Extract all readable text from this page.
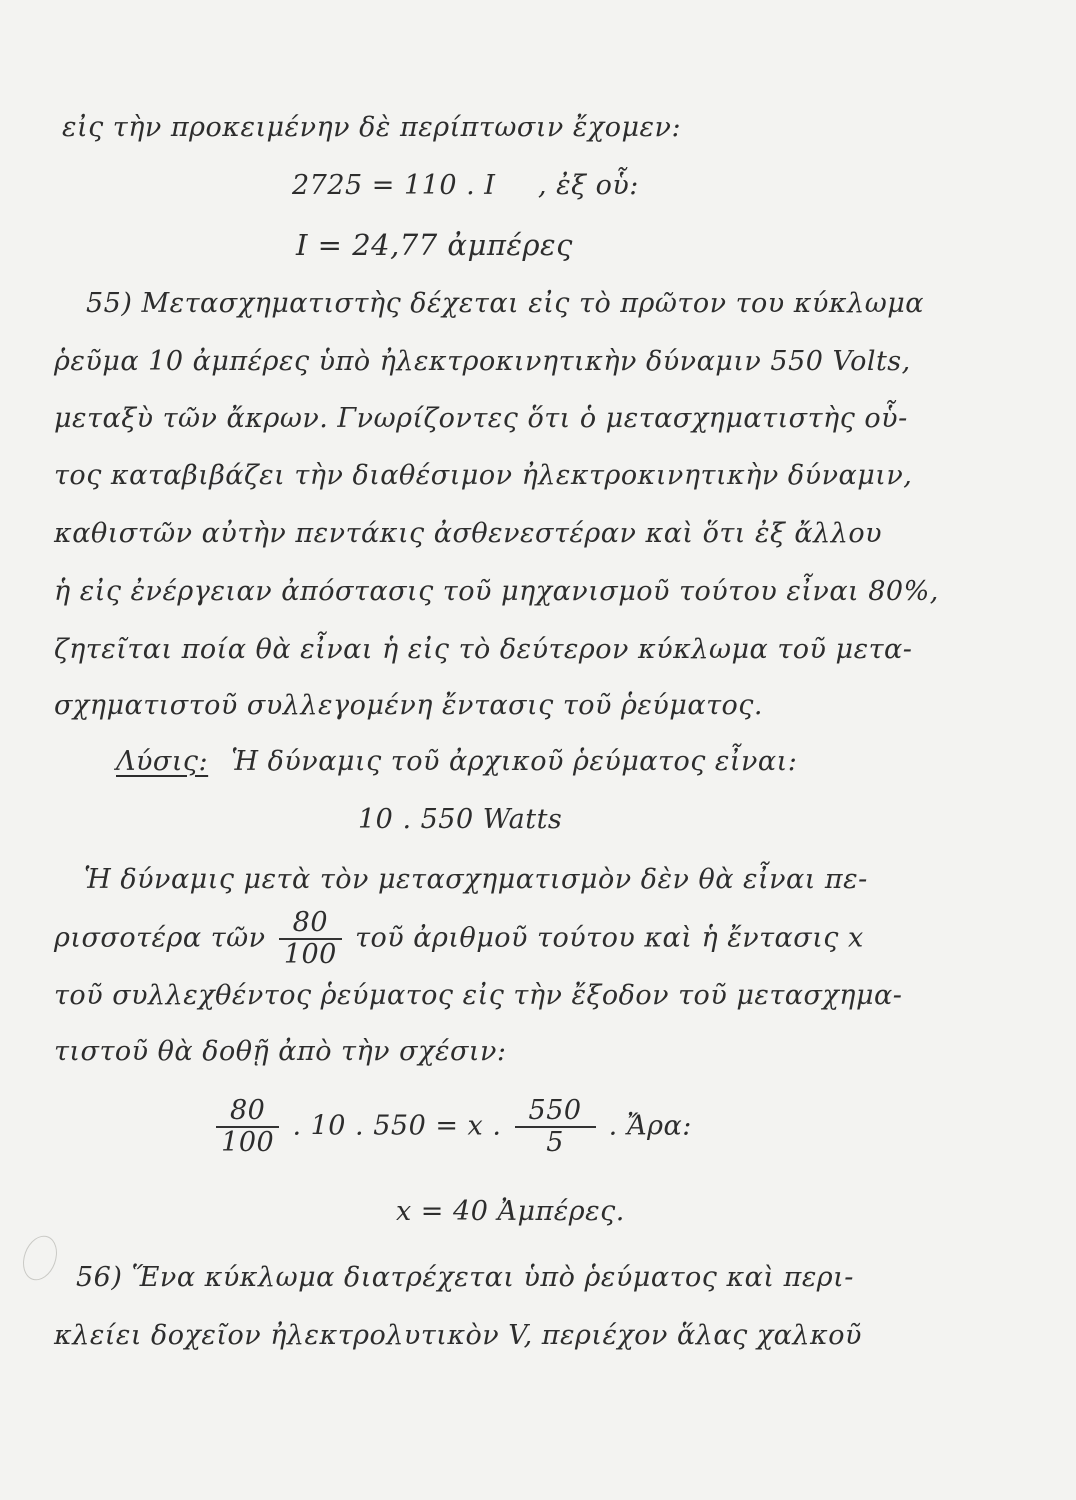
εἰς τὴν προκειμένην δὲ περίπτωσιν ἔχομεν:
2725 = 110 . I , ἐξ οὗ:
I = 24,77 ἀμπέρες
55) Μετασχηματιστὴς δέχεται εἰς τὸ πρῶτον του κύκλωμα
ῥεῦμα 10 ἀμπέρες ὑπὸ ἠλεκτροκινητικὴν δύναμιν 550 Volts,
μεταξὺ τῶν ἄκρων. Γνωρίζοντες ὅτι ὁ μετασχηματιστὴς οὗ-
τος καταβιβάζει τὴν διαθέσιμον ἠλεκτροκινητικὴν δύναμιν,
καθιστῶν αὐτὴν πεντάκις ἀσθενεστέραν καὶ ὅτι ἐξ ἄλλου
ἡ εἰς ἐνέργειαν ἀπόστασις τοῦ μηχανισμοῦ τούτου εἶναι 80%,
ζητεῖται ποία θὰ εἶναι ἡ εἰς τὸ δεύτερον κύκλωμα τοῦ μετα-
σχηματιστοῦ συλλεγομένη ἔντασις τοῦ ῥεύματος.
Λύσις: Ἡ δύναμις τοῦ ἀρχικοῦ ῥεύματος εἶναι:
10 . 550 Watts
Ἡ δύναμις μετὰ τὸν μετασχηματισμὸν δὲν θὰ εἶναι πε-
ρισσοτέρα τῶν $\frac{80}{100}$ τοῦ ἀριθμοῦ τούτου καὶ ἡ ἔντασις x
τοῦ συλλεχθέντος ῥεύματος εἰς τὴν ἔξοδον τοῦ μετασχημα-
τιστοῦ θὰ δοθῇ ἀπὸ τὴν σχέσιν:
$\frac{80}{100}$ . 10 . 550 = x . $\frac{550}{5}$ . Ἄρα:
x = 40 Ἀμπέρες.
56) Ἕνα κύκλωμα διατρέχεται ὑπὸ ῥεύματος καὶ περι-
κλείει δοχεῖον ἠλεκτρολυτικὸν V, περιέχον ἅλας χαλκοῦ
